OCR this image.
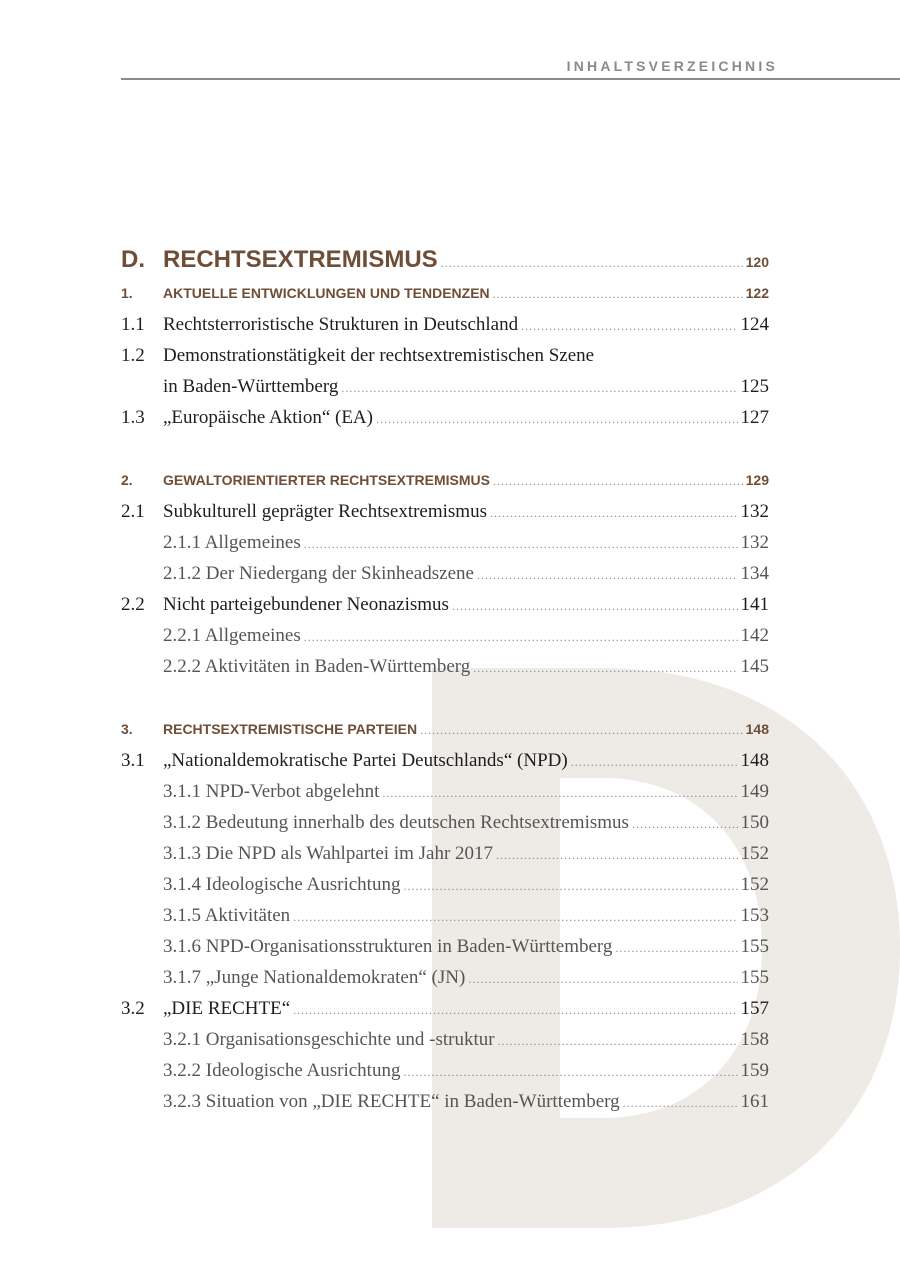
INHALTSVERZEICHNIS
D. RECHTSEXTREMISMUS .....	120
1.	AKTUELLE ENTWICKLUNGEN UND TENDENZEN .....	122
1.1 Rechtsterroristische Strukturen in Deutschland .....	124
1.2 Demonstrationstätigkeit der rechtsextremistischen Szene
in Baden-Württemberg .....	125
1.3 „Europäische Aktion“ (EA) .....	127
2.	GEWALTORIENTIERTER RECHTSEXTREMISMUS .....	129
2.1 Subkulturell geprägter Rechtsextremismus .....	132
2.1.1 Allgemeines .....	132
2.1.2 Der Niedergang der Skinheadszene .....	134
2.2 Nicht parteigebundener Neonazismus .....	141
2.2.1 Allgemeines .....	142
2.2.2 Aktivitäten in Baden-Württemberg .....	145
3.	RECHTSEXTREMISTISCHE PARTEIEN .....	148
3.1 „Nationaldemokratische Partei Deutschlands“ (NPD) .....	148
3.1.1 NPD-Verbot abgelehnt .....	149
3.1.2 Bedeutung innerhalb des deutschen Rechtsextremismus .....	150
3.1.3 Die NPD als Wahlpartei im Jahr 2017 .....	152
3.1.4 Ideologische Ausrichtung .....	152
3.1.5 Aktivitäten .....	153
3.1.6 NPD-Organisationsstrukturen in Baden-Württemberg .....	155
3.1.7 „Junge Nationaldemokraten“ (JN) .....	155
3.2 „DIE RECHTE“ .....	157
3.2.1 Organisationsgeschichte und -struktur .....	158
3.2.2 Ideologische Ausrichtung .....	159
3.2.3 Situation von „DIE RECHTE“ in Baden-Württemberg .....	161
